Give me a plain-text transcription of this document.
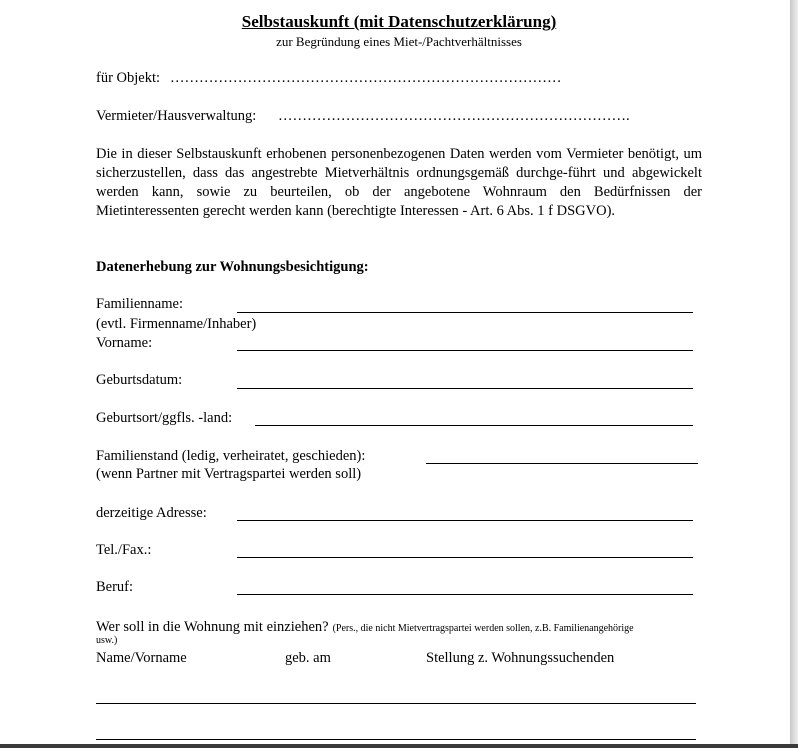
Selbstauskunft (mit Datenschutzerklärung)
zur Begründung eines Miet-/Pachtverhältnisses
für Objekt: ………………………………………………………………………
Vermieter/Hausverwaltung: ……………………………………………………………….
Die in dieser Selbstauskunft erhobenen personenbezogenen Daten werden vom Vermieter benötigt, um sicherzustellen, dass das angestrebte Mietverhältnis ordnungsgemäß durchge-führt und abgewickelt werden kann, sowie zu beurteilen, ob der angebotene Wohnraum den Bedürfnissen der Mietinteressenten gerecht werden kann (berechtigte Interessen - Art. 6 Abs. 1 f DSGVO).
Datenerhebung zur Wohnungsbesichtigung:
Familienname:
(evtl. Firmenname/Inhaber)
Vorname:
Geburtsdatum:
Geburtsort/ggfls. -land:
Familienstand (ledig, verheiratet, geschieden):
(wenn Partner mit Vertragspartei werden soll)
derzeitige Adresse:
Tel./Fax.:
Beruf:
Wer soll in die Wohnung mit einziehen? (Pers., die nicht Mietvertragspartei werden sollen, z.B. Familienangehörige
usw.)
Name/Vorname	geb. am	Stellung z. Wohnungssuchenden
